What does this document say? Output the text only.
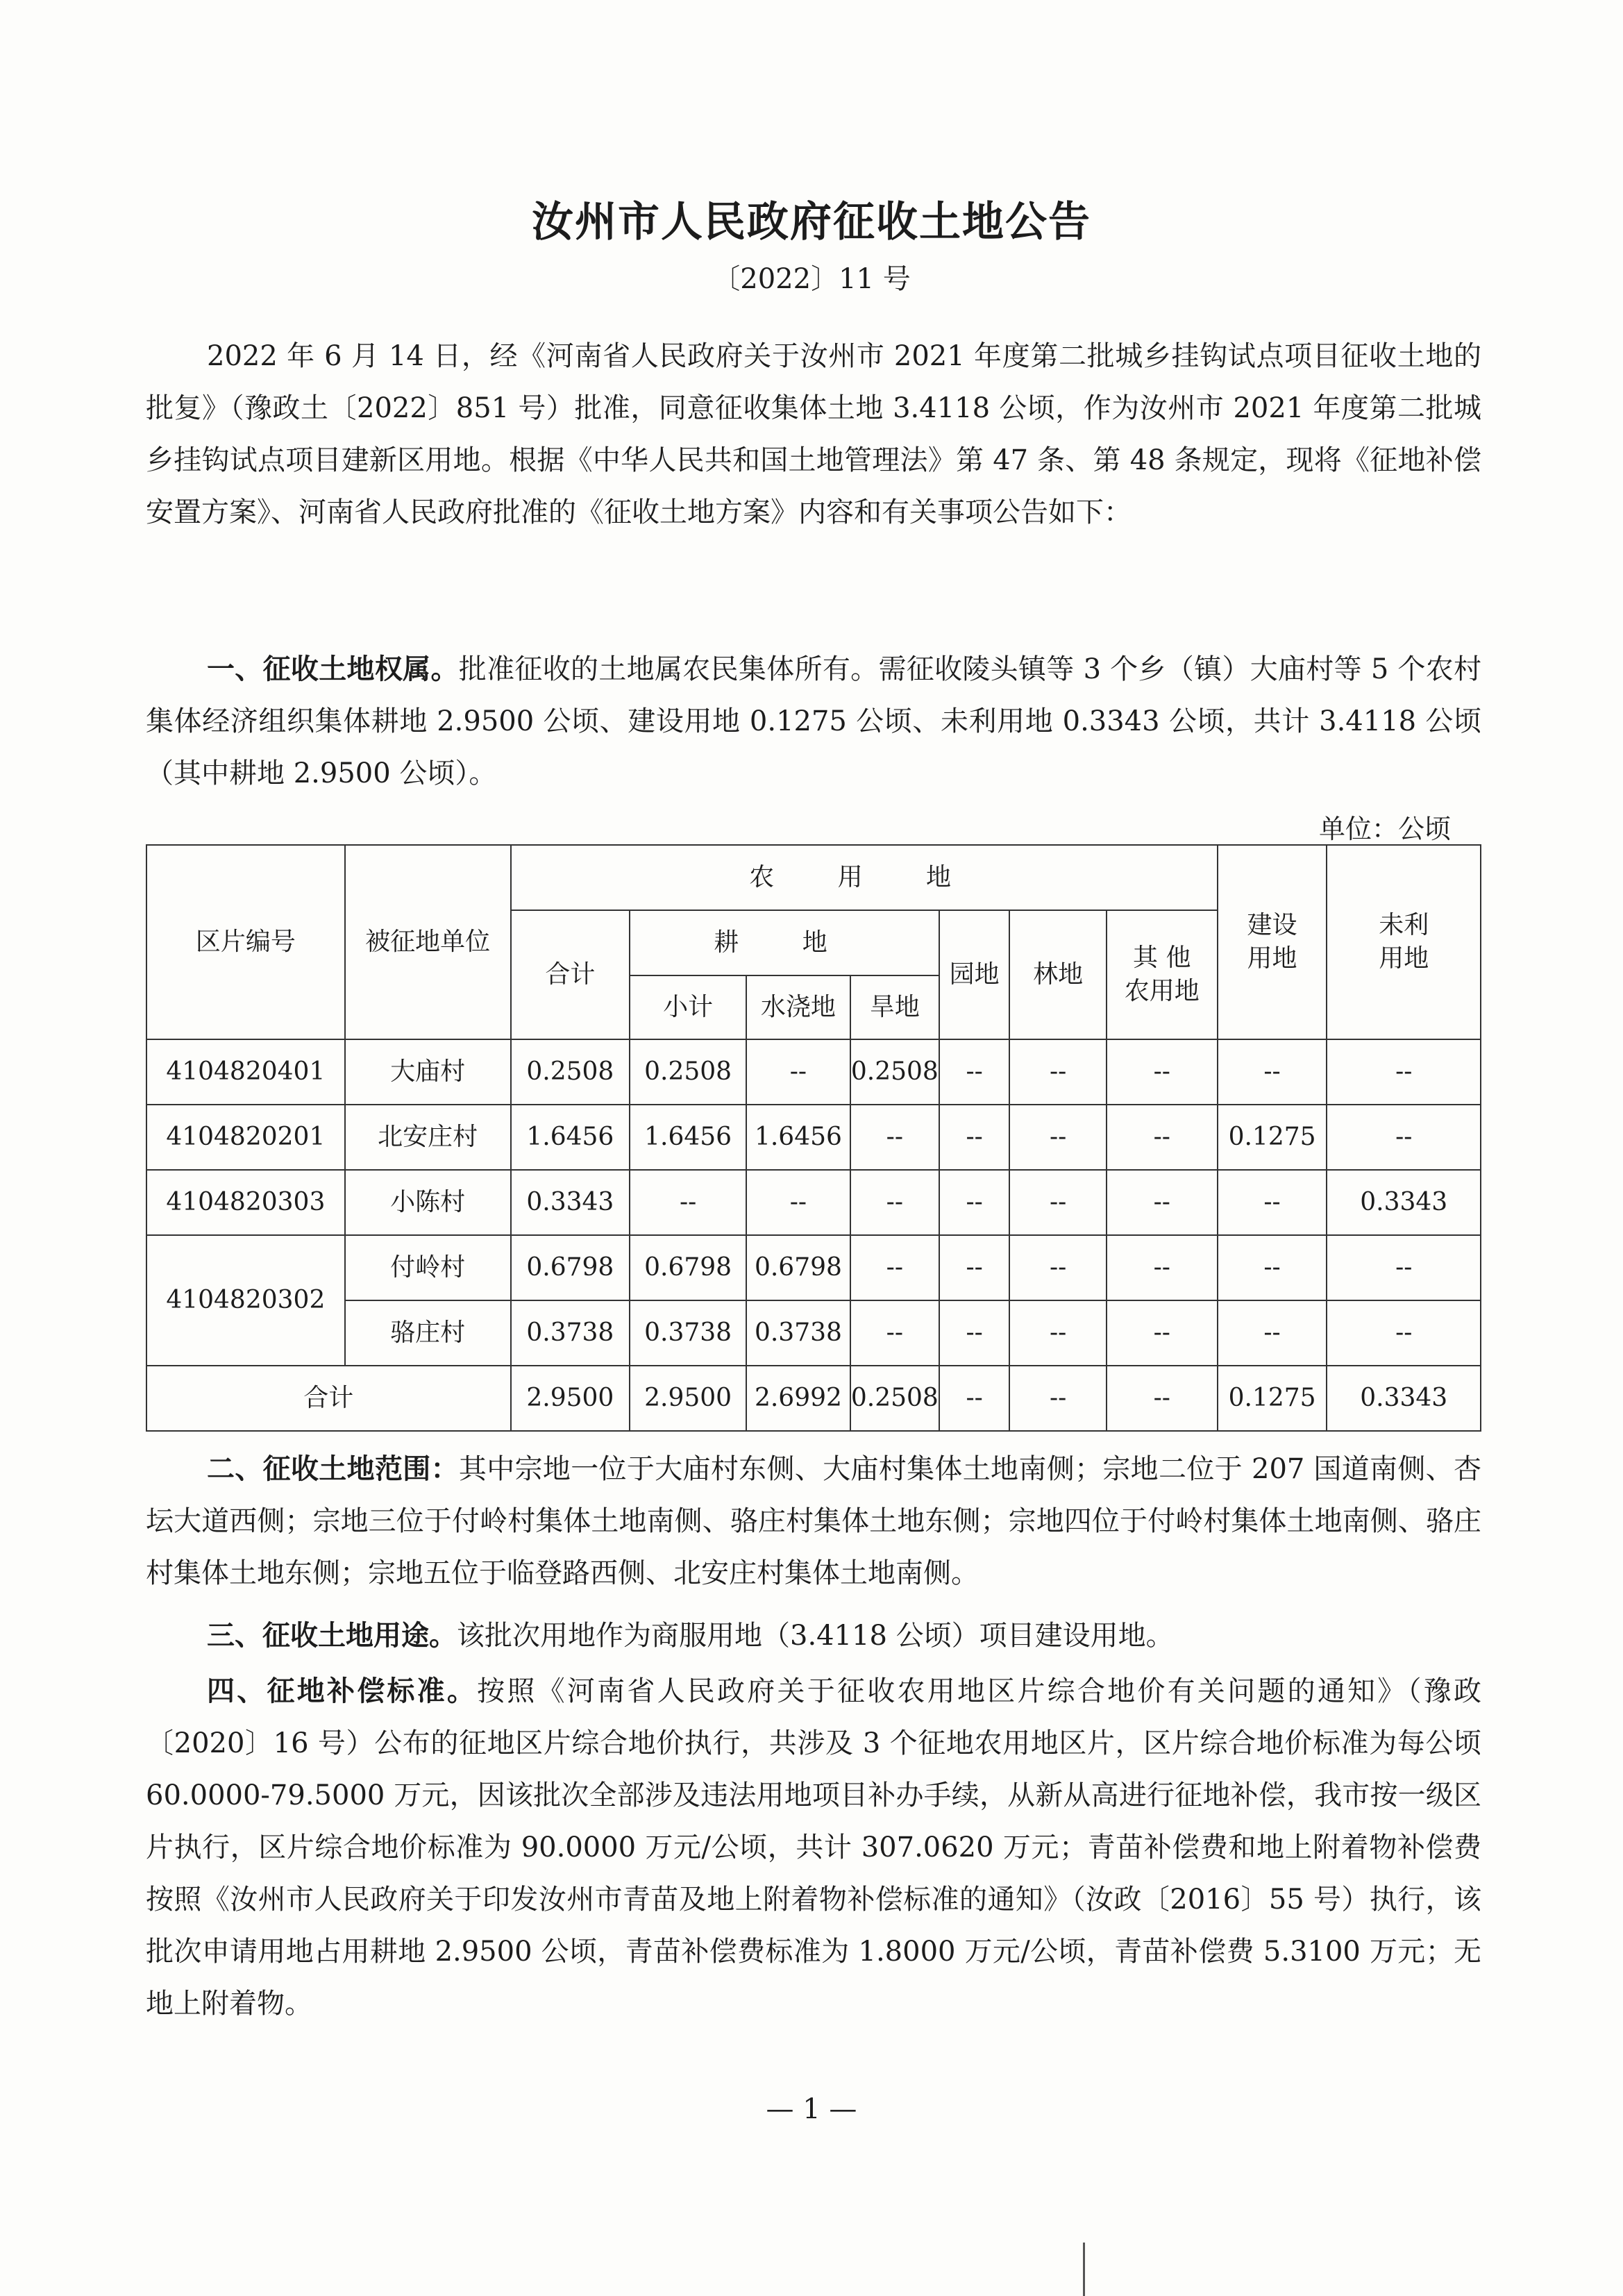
汝州市人民政府征收土地公告
〔2022〕11 号

2022 年 6 月 14 日，经《河南省人民政府关于汝州市 2021 年度第二批城乡挂钩试点项目征收土地的批复》（豫政土〔2022〕851 号）批准，同意征收集体土地 3.4118 公顷，作为汝州市 2021 年度第二批城乡挂钩试点项目建新区用地。根据《中华人民共和国土地管理法》第 47 条、第 48 条规定，现将《征地补偿安置方案》、河南省人民政府批准的《征收土地方案》内容和有关事项公告如下：

一、征收土地权属。批准征收的土地属农民集体所有。需征收陵头镇等 3 个乡（镇）大庙村等 5 个农村集体经济组织集体耕地 2.9500 公顷、建设用地 0.1275 公顷、未利用地 0.3343 公顷，共计 3.4118 公顷（其中耕地 2.9500 公顷）。

单位：公顷
区片编号	被征地单位	农 用 地							建设 用地	未利 用地

		合计	耕 地			园地	林地	其 他 农用地		

			小计	水浇地	旱地					
4104820401	大庙村	0.2508	0.2508	--	0.2508	--	--	--	--	--
4104820201	北安庄村	1.6456	1.6456	1.6456	--	--	--	--	0.1275	--
4104820303	小陈村	0.3343	--	--	--	--	--	--	--	0.3343
4104820302	付岭村	0.6798	0.6798	0.6798	--	--	--	--	--	--
	骆庄村	0.3738	0.3738	0.3738	--	--	--	--	--	--
合计		2.9500	2.9500	2.6992	0.2508	--	--	--	0.1275	0.3343

二、征收土地范围：其中宗地一位于大庙村东侧、大庙村集体土地南侧；宗地二位于 207 国道南侧、杏坛大道西侧；宗地三位于付岭村集体土地南侧、骆庄村集体土地东侧；宗地四位于付岭村集体土地南侧、骆庄村集体土地东侧；宗地五位于临登路西侧、北安庄村集体土地南侧。

三、征收土地用途。该批次用地作为商服用地（3.4118 公顷）项目建设用地。

四、征地补偿标准。按照《河南省人民政府关于征收农用地区片综合地价有关问题的通知》（豫政〔2020〕16 号）公布的征地区片综合地价执行，共涉及 3 个征地农用地区片，区片综合地价标准为每公顷 60.0000-79.5000 万元，因该批次全部涉及违法用地项目补办手续，从新从高进行征地补偿，我市按一级区片执行，区片综合地价标准为 90.0000 万元/公顷，共计 307.0620 万元；青苗补偿费和地上附着物补偿费按照《汝州市人民政府关于印发汝州市青苗及地上附着物补偿标准的通知》（汝政〔2016〕55 号）执行，该批次申请用地占用耕地 2.9500 公顷，青苗补偿费标准为 1.8000 万元/公顷，青苗补偿费 5.3100 万元；无地上附着物。

— 1 —
